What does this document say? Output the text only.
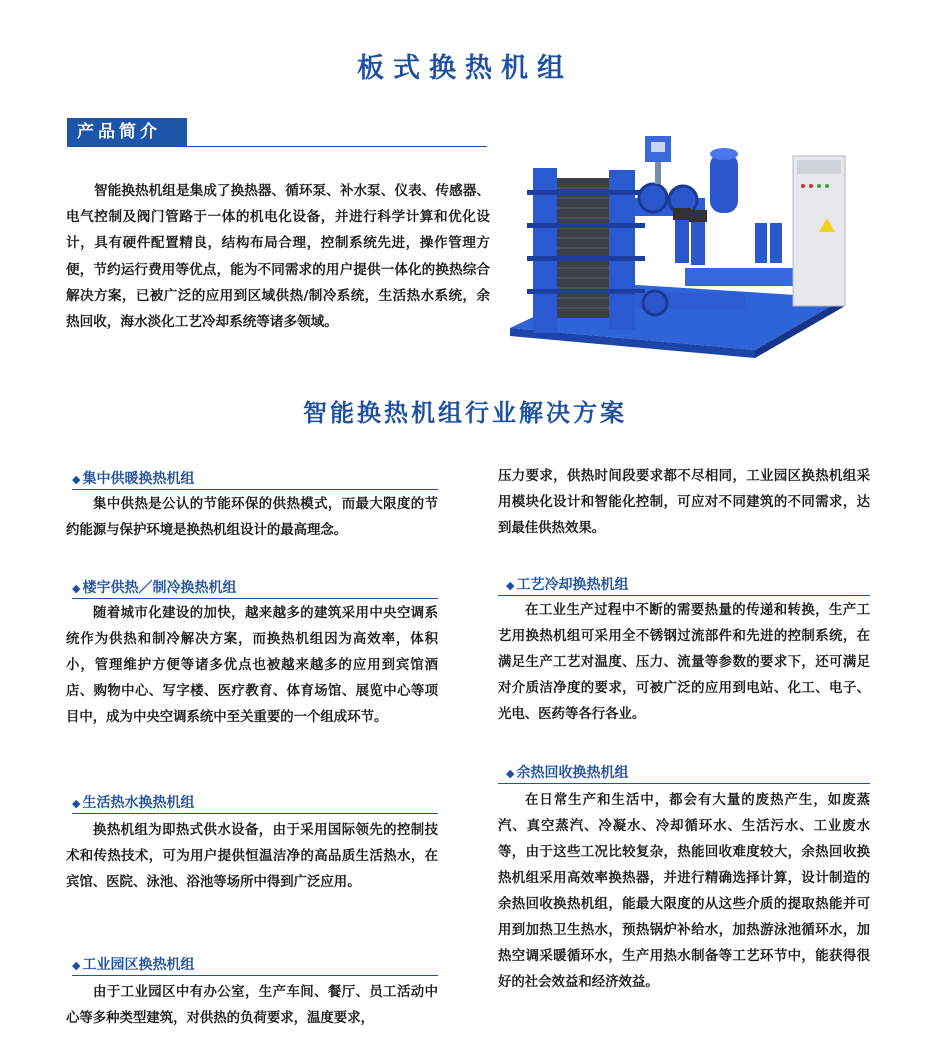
板式换热机组
产品简介
智能换热机组是集成了换热器、循环泵、补水泵、仪表、传感器、电气控制及阀门管路于一体的机电化设备，并进行科学计算和优化设计，具有硬件配置精良，结构布局合理，控制系统先进，操作管理方便，节约运行费用等优点，能为不同需求的用户提供一体化的换热综合解决方案，已被广泛的应用到区域供热/制冷系统，生活热水系统，余热回收，海水淡化工艺冷却系统等诸多领域。
智能换热机组行业解决方案
◆ 集中供暖换热机组
集中供热是公认的节能环保的供热模式，而最大限度的节约能源与保护环境是换热机组设计的最高理念。
◆ 楼宇供热／制冷换热机组
随着城市化建设的加快，越来越多的建筑采用中央空调系统作为供热和制冷解决方案，而换热机组因为高效率，体积小，管理维护方便等诸多优点也被越来越多的应用到宾馆酒店、购物中心、写字楼、医疗教育、体育场馆、展览中心等项目中，成为中央空调系统中至关重要的一个组成环节。
◆ 生活热水换热机组
换热机组为即热式供水设备，由于采用国际领先的控制技术和传热技术，可为用户提供恒温洁净的高品质生活热水，在宾馆、医院、泳池、浴池等场所中得到广泛应用。
◆ 工业园区换热机组
由于工业园区中有办公室，生产车间、餐厅、员工活动中心等多种类型建筑，对供热的负荷要求，温度要求，
压力要求，供热时间段要求都不尽相同，工业园区换热机组采用模块化设计和智能化控制，可应对不同建筑的不同需求，达到最佳供热效果。
◆ 工艺冷却换热机组
在工业生产过程中不断的需要热量的传递和转换，生产工艺用换热机组可采用全不锈钢过流部件和先进的控制系统，在满足生产工艺对温度、压力、流量等参数的要求下，还可满足对介质洁净度的要求，可被广泛的应用到电站、化工、电子、光电、医药等各行各业。
◆ 余热回收换热机组
在日常生产和生活中，都会有大量的废热产生，如废蒸汽、真空蒸汽、冷凝水、冷却循环水、生活污水、工业废水等，由于这些工况比较复杂，热能回收难度较大，余热回收换热机组采用高效率换热器，并进行精确选择计算，设计制造的余热回收换热机组，能最大限度的从这些介质的提取热能并可用到加热卫生热水，预热锅炉补给水，加热游泳池循环水，加热空调采暖循环水，生产用热水制备等工艺环节中，能获得很好的社会效益和经济效益。
